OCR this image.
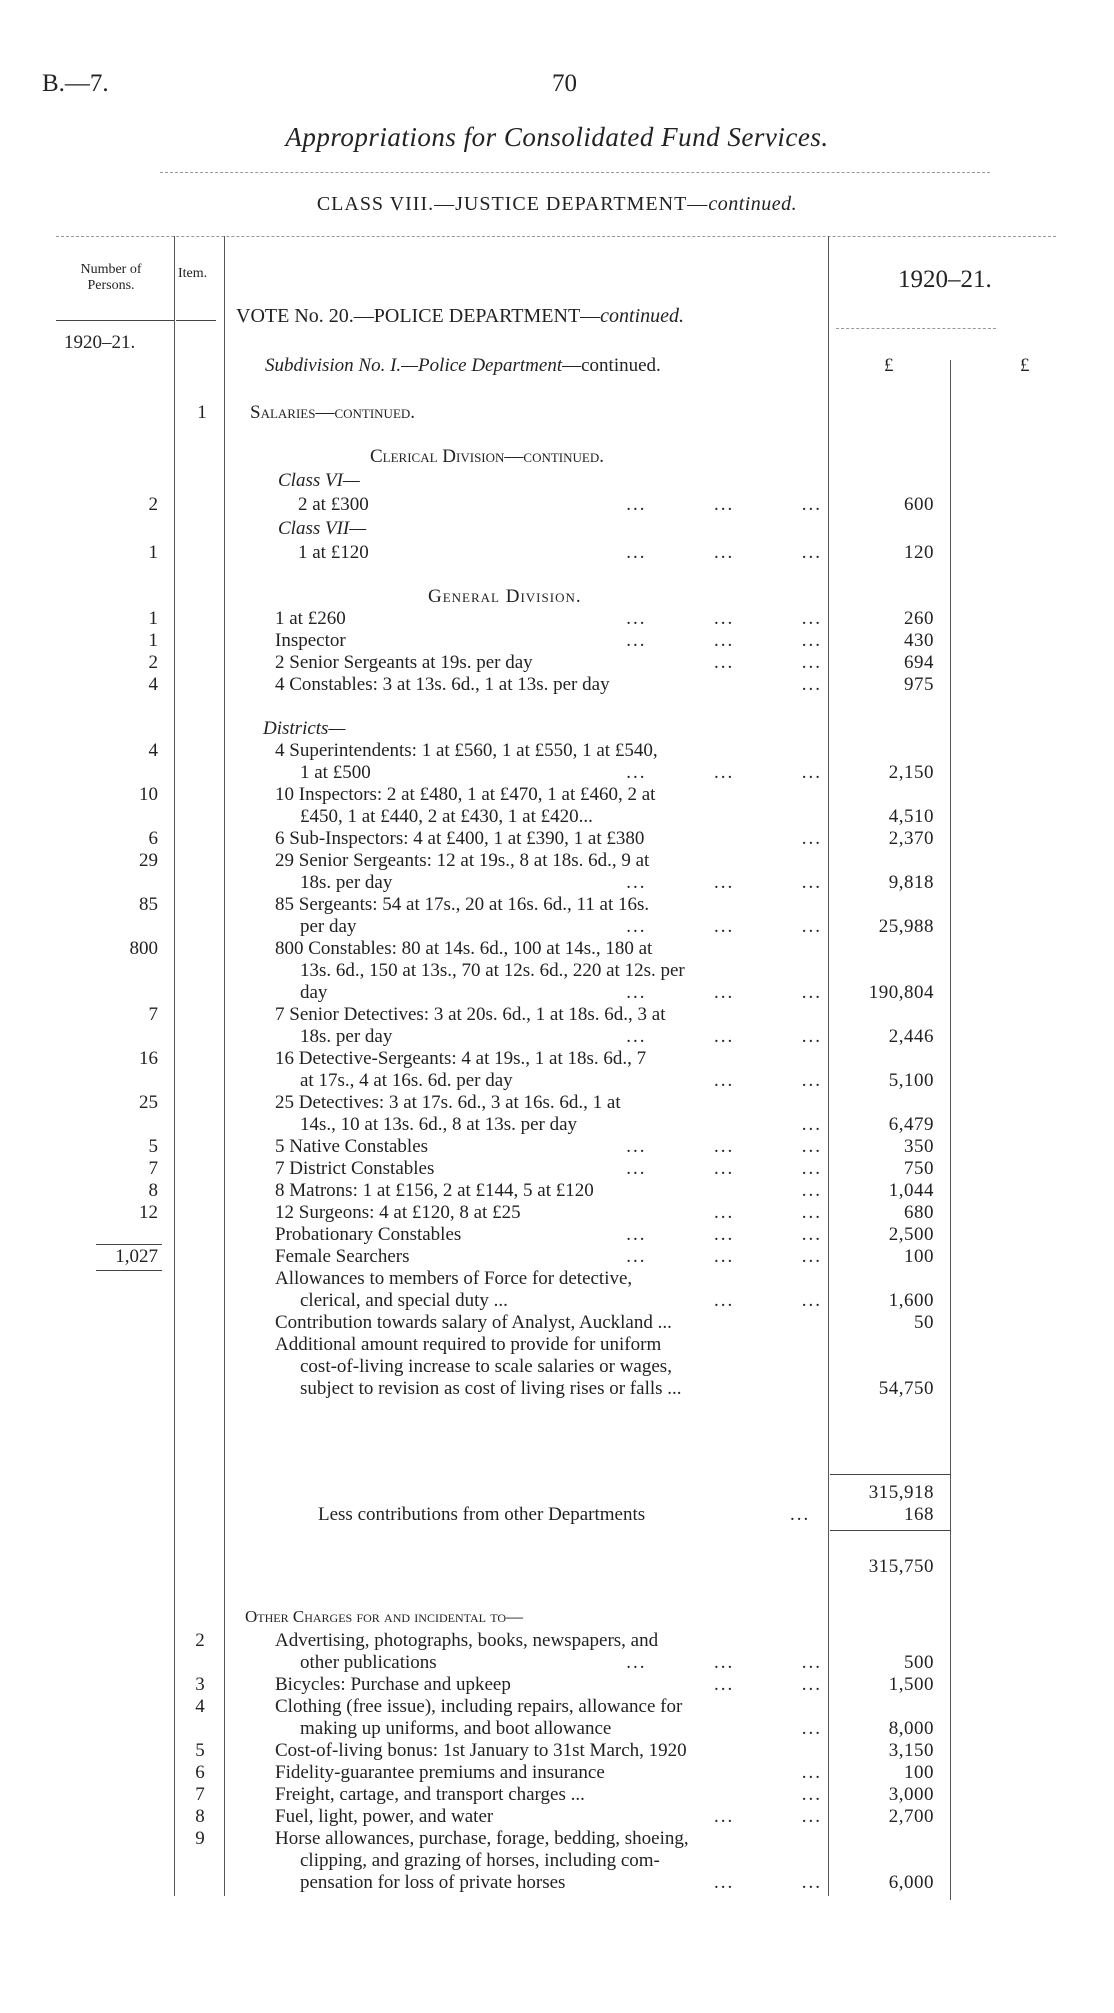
B.—7.	70
Appropriations for Consolidated Fund Services.
CLASS VIII.—JUSTICE DEPARTMENT—continued.
Number of Persons.
Item.	1920–21.
VOTE No. 20.—POLICE DEPARTMENT—continued.
1920–21.
Subdivision No. I.—Police Department—continued.	£	£
1	Salaries—continued.
Clerical Division—continued.
Class VI—
2	2 at £300	...          ...          ...	600
Class VII—
1	1 at £120	...          ...          ...	120
General Division.
1	1 at £260	...          ...          ...	260
1	Inspector	...          ...          ...	430
2	2 Senior Sergeants at 19s. per day	...          ...	694
4	4 Constables: 3 at 13s. 6d., 1 at 13s. per day	...	975
Districts—
4	4 Superintendents: 1 at £560, 1 at £550, 1 at £540,
1 at £500	...          ...          ...	2,150
10	10 Inspectors: 2 at £480, 1 at £470, 1 at £460, 2 at
£450, 1 at £440, 2 at £430, 1 at £420...	4,510
6	6 Sub-Inspectors: 4 at £400, 1 at £390, 1 at £380	...	2,370
29	29 Senior Sergeants: 12 at 19s., 8 at 18s. 6d., 9 at
18s. per day	...          ...          ...	9,818
85	85 Sergeants: 54 at 17s., 20 at 16s. 6d., 11 at 16s.
per day	...          ...          ...	25,988
800	800 Constables: 80 at 14s. 6d., 100 at 14s., 180 at
13s. 6d., 150 at 13s., 70 at 12s. 6d., 220 at 12s. per
day	...          ...          ... 190,804
7	7 Senior Detectives: 3 at 20s. 6d., 1 at 18s. 6d., 3 at
18s. per day	...          ...          ...	2,446
16	16 Detective-Sergeants: 4 at 19s., 1 at 18s. 6d., 7
at 17s., 4 at 16s. 6d. per day	...          ...	5,100
25	25 Detectives: 3 at 17s. 6d., 3 at 16s. 6d., 1 at
14s., 10 at 13s. 6d., 8 at 13s. per day	...	6,479
5	5 Native Constables	...          ...          ...	350
7	7 District Constables	...          ...          ...	750
8	8 Matrons: 1 at £156, 2 at £144, 5 at £120	...	1,044
12	12 Surgeons: 4 at £120, 8 at £25	...          ...	680
Probationary Constables	...          ...          ...	2,500
1,027	Female Searchers	...          ...          ...	100
Allowances to members of Force for detective,
clerical, and special duty ...	...          ...	1,600
Contribution towards salary of Analyst, Auckland ...	50
Additional amount required to provide for uniform
cost-of-living increase to scale salaries or wages,
subject to revision as cost of living rises or falls ...	54,750
315,918
Less contributions from other Departments	...	168
315,750
Other Charges for and incidental to—
2	Advertising, photographs, books, newspapers, and
other publications	...          ...          ...	500
3	Bicycles: Purchase and upkeep	...          ...	1,500
4	Clothing (free issue), including repairs, allowance for
making up uniforms, and boot allowance	...	8,000
5	Cost-of-living bonus: 1st January to 31st March, 1920	3,150
6	Fidelity-guarantee premiums and insurance	...	100
7	Freight, cartage, and transport charges ...	...	3,000
8	Fuel, light, power, and water	...          ...	2,700
9	Horse allowances, purchase, forage, bedding, shoeing,
clipping, and grazing of horses, including com-
pensation for loss of private horses	...          ...	6,000
